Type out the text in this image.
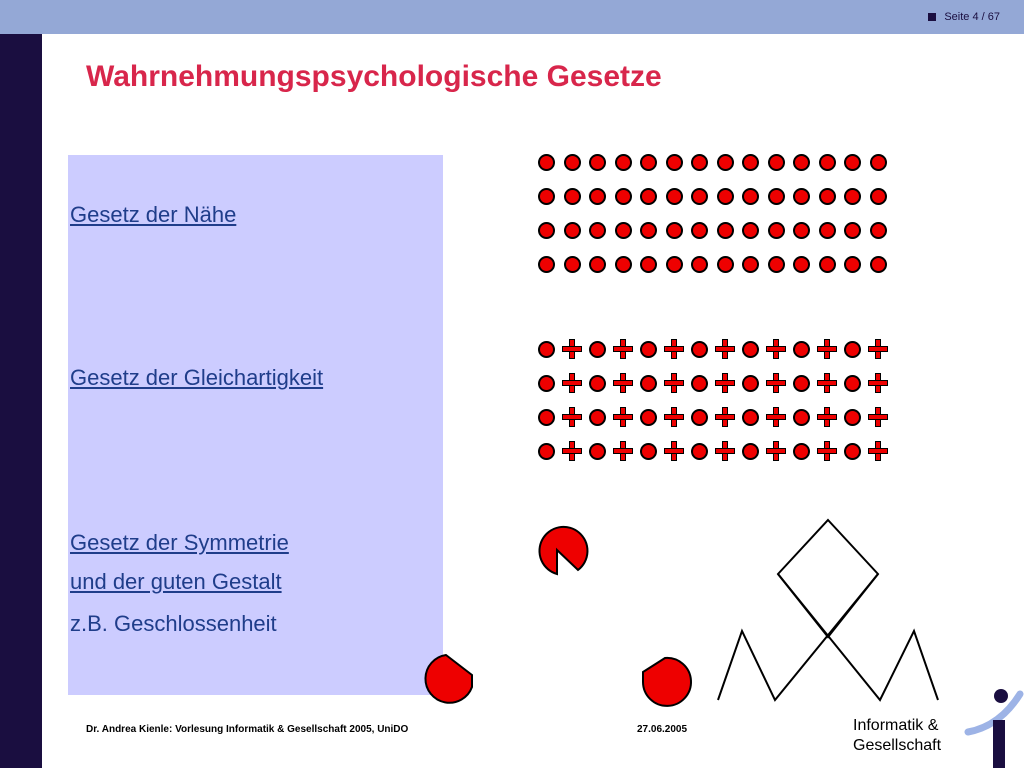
Seite 4 / 67
Wahrnehmungspsychologische Gesetze

Gesetz der Nähe

Gesetz der Gleichartigkeit

Gesetz der Symmetrie

und der guten Gestalt

z.B. Geschlossenheit

Dr. Andrea Kienle: Vorlesung Informatik & Gesellschaft 2005, UniDO	27.06.2005	Informatik &
Gesellschaft
